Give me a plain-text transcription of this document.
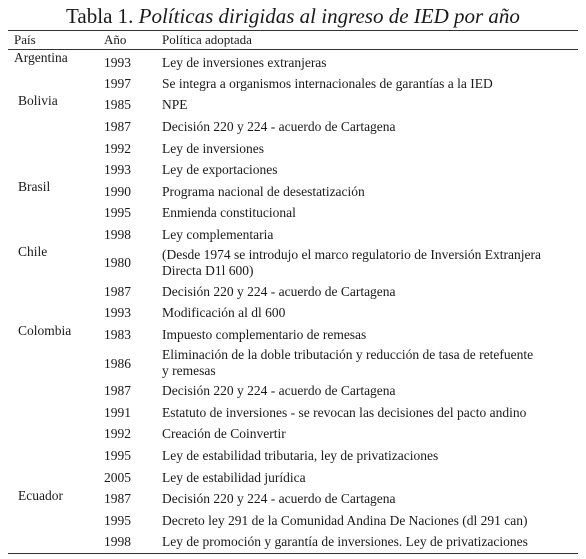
Tabla 1. Políticas dirigidas al ingreso de IED por año
País	Año	Política adoptada
Argentina
Bolivia
Brasil
Chile
Colombia
Ecuador
1993 Ley de inversiones extranjeras
1997 Se integra a organismos internacionales de garantías a la IED
1985 NPE
1987 Decisión 220 y 224 - acuerdo de Cartagena
1992 Ley de inversiones
1993 Ley de exportaciones
1990 Programa nacional de desestatización
1995 Enmienda constitucional
1998 Ley complementaria
1980
(Desde 1974 se introdujo el marco regulatorio de Inversión Extranjera Directa D1l 600)
1987 Decisión 220 y 224 - acuerdo de Cartagena
1993 Modificación al dl 600
1983 Impuesto complementario de remesas
1986
Eliminación de la doble tributación y reducción de tasa de retefuente y remesas
1987 Decisión 220 y 224 - acuerdo de Cartagena
1991 Estatuto de inversiones - se revocan las decisiones del pacto andino
1992 Creación de Coinvertir
1995 Ley de estabilidad tributaria, ley de privatizaciones
2005 Ley de estabilidad jurídica
1987 Decisión 220 y 224 - acuerdo de Cartagena
1995 Decreto ley 291 de la Comunidad Andina De Naciones (dl 291 can)
1998 Ley de promoción y garantía de inversiones. Ley de privatizaciones
